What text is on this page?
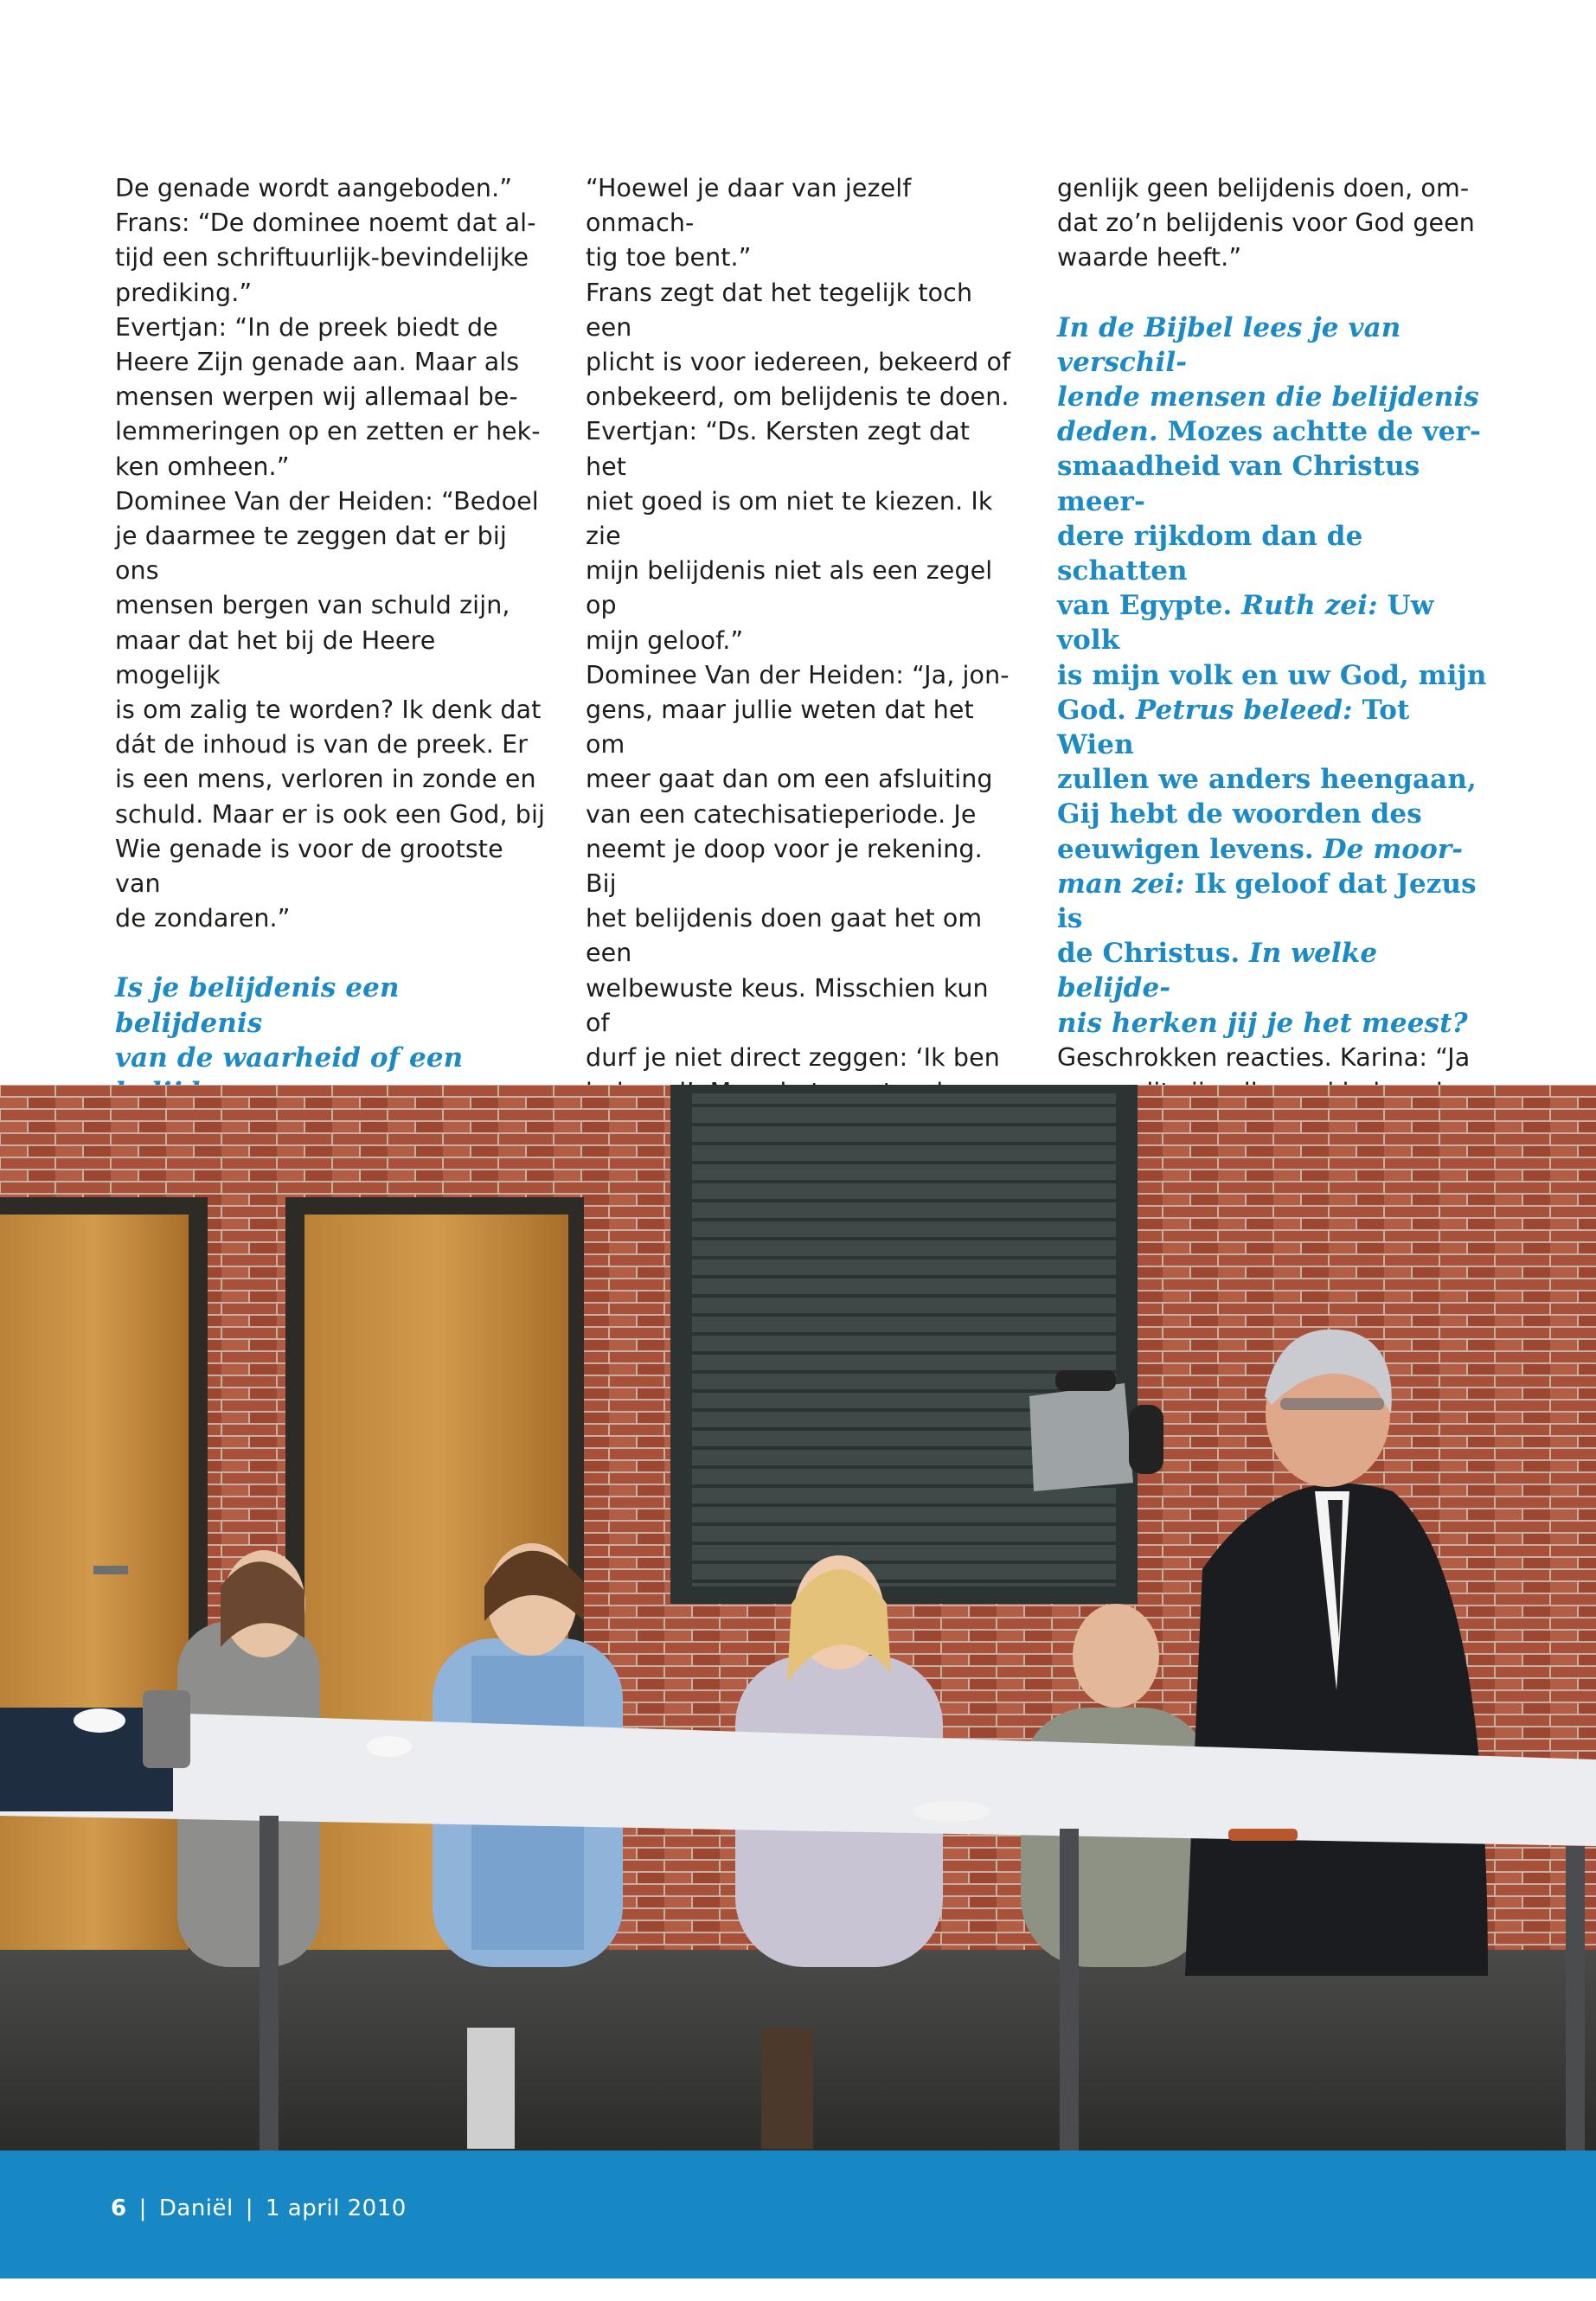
De genade wordt aangeboden.”

Frans: “De dominee noemt dat al-

tijd een schriftuurlijk-bevindelijke

prediking.”

Evertjan: “In de preek biedt de

Heere Zijn genade aan. Maar als

mensen werpen wij allemaal be-

lemmeringen op en zetten er hek-

ken omheen.”

Dominee Van der Heiden: “Bedoel

je daarmee te zeggen dat er bij ons

mensen bergen van schuld zijn,

maar dat het bij de Heere mogelijk

is om zalig te worden? Ik denk dat

dát de inhoud is van de preek. Er

is een mens, verloren in zonde en

schuld. Maar er is ook een God, bij

Wie genade is voor de grootste van

de zondaren.”

Is je belijdenis een belijdenis

van de waarheid of een

“Hoewel je daar van jezelf onmach-

tig toe bent.”

Frans zegt dat het tegelijk toch een

plicht is voor iedereen, bekeerd of

onbekeerd, om belijdenis te doen.

Evertjan: “Ds. Kersten zegt dat het

niet goed is om niet te kiezen. Ik zie

mijn belijdenis niet als een zegel op

mijn geloof.”

Dominee Van der Heiden: “Ja, jon-

gens, maar jullie weten dat het om

meer gaat dan om een afsluiting

van een catechisatieperiode. Je

neemt je doop voor je rekening. Bij

het belijdenis doen gaat het om een

welbewuste keus. Misschien kun of

durf je niet direct zeggen: ‘Ik ben

genlijk geen belijdenis doen, om-

dat zo’n belijdenis voor God geen

waarde heeft.”

In de Bijbel lees je van verschil-

lende mensen die belijdenis

deden. Mozes achtte de ver-

smaadheid van Christus meer-

dere rijkdom dan de schatten

van Egypte. Ruth zei: Uw volk

is mijn volk en uw God, mijn

God. Petrus beleed: Tot Wien

zullen we anders heengaan,

Gij hebt de woorden des

eeuwigen levens. De moor-

man zei: Ik geloof dat Jezus is

de Christus. In welke belijde-

nis herken jij je het meest?

Geschrokken reacties. Karina: “Ja

6 | Daniël | 1 april 2010
